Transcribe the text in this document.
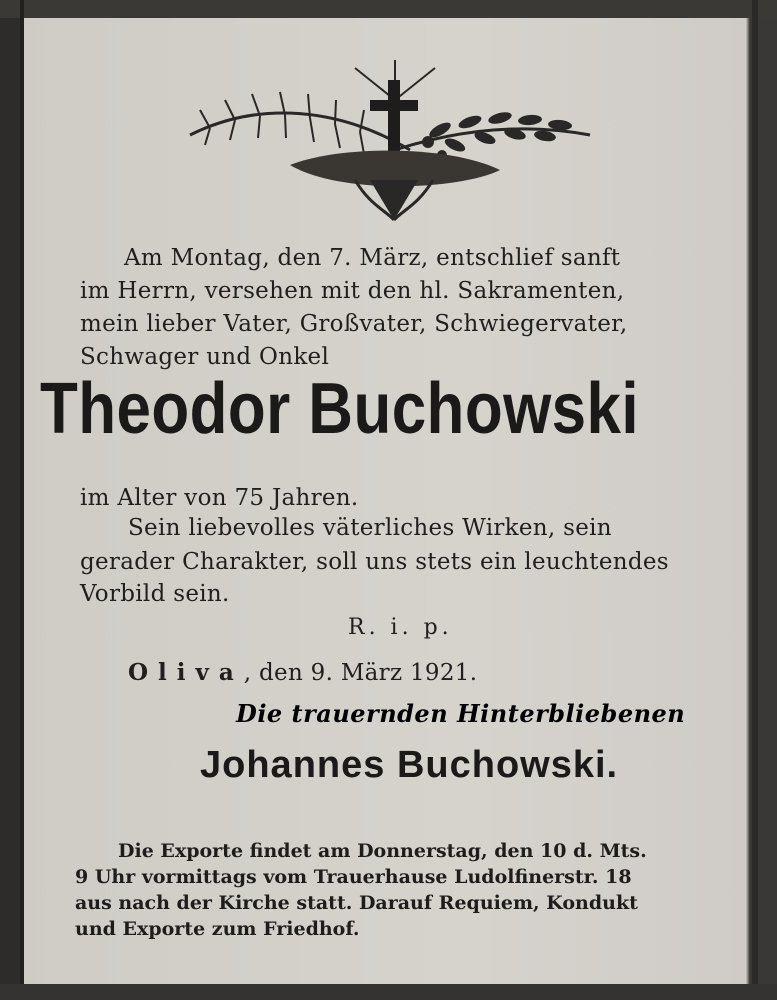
Am Montag, den 7. März, entschlief sanft
im Herrn, versehen mit den hl. Sakramenten,
mein lieber Vater, Großvater, Schwiegervater,
Schwager und Onkel
Theodor Buchowski
im Alter von 75 Jahren.
Sein liebevolles väterliches Wirken, sein
gerader Charakter, soll uns stets ein leuchtendes
Vorbild sein.
R. i. p.
Oliva, den 9. März 1921.
Die trauernden Hinterbliebenen
Johannes Buchowski.
Die Exporte findet am Donnerstag, den 10 d. Mts.
9 Uhr vormittags vom Trauerhause Ludolfinerstr. 18
aus nach der Kirche statt. Darauf Requiem, Kondukt
und Exporte zum Friedhof.
